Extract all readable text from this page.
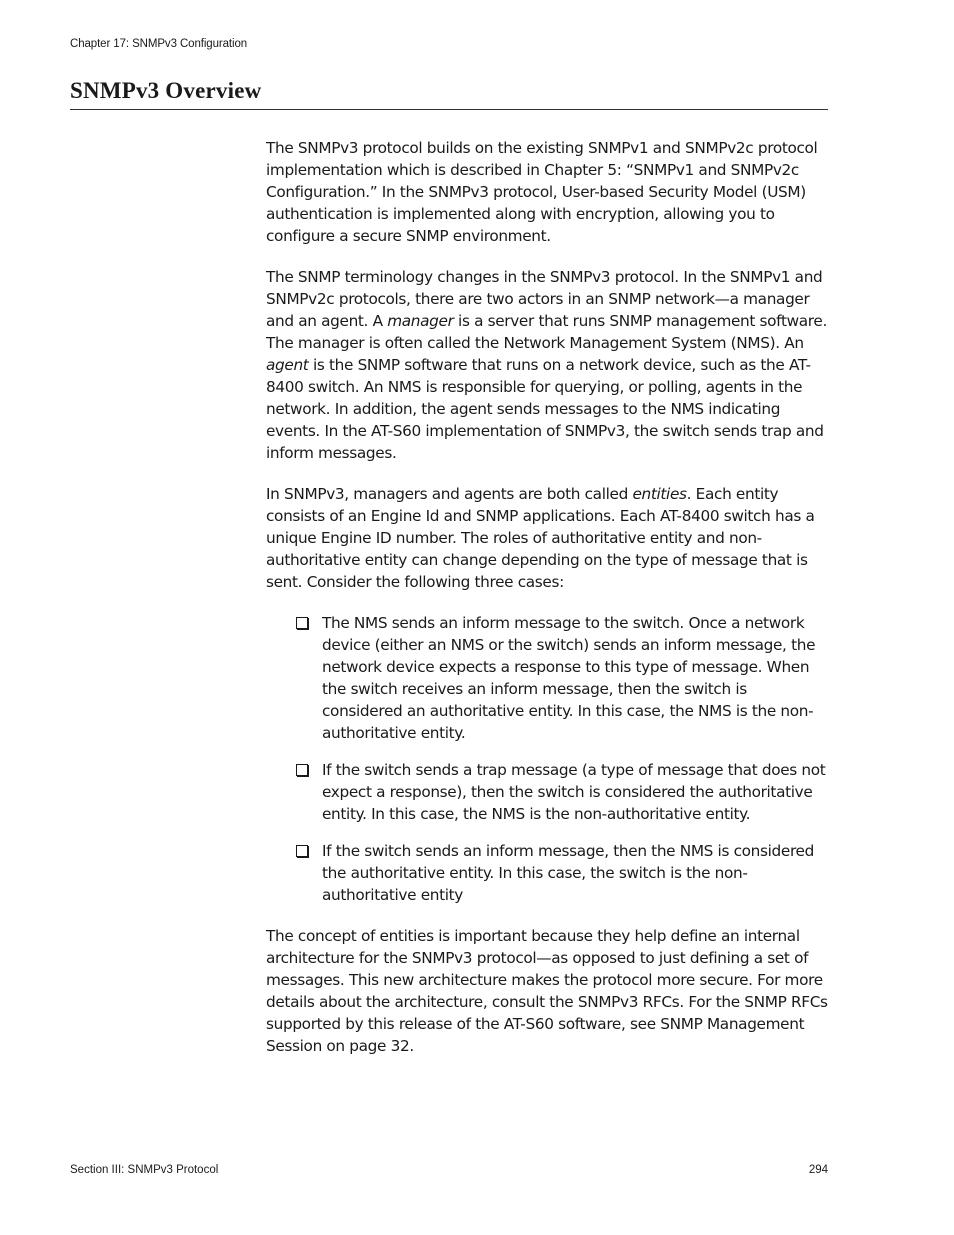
Chapter 17: SNMPv3 Configuration
SNMPv3 Overview

The SNMPv3 protocol builds on the existing SNMPv1 and SNMPv2c protocol implementation which is described in Chapter 5: “SNMPv1 and SNMPv2c Configuration.” In the SNMPv3 protocol, User-based Security Model (USM) authentication is implemented along with encryption, allowing you to configure a secure SNMP environment.

The SNMP terminology changes in the SNMPv3 protocol. In the SNMPv1 and SNMPv2c protocols, there are two actors in an SNMP network—a manager and an agent. A manager is a server that runs SNMP management software. The manager is often called the Network Management System (NMS). An agent is the SNMP software that runs on a network device, such as the AT-8400 switch. An NMS is responsible for querying, or polling, agents in the network. In addition, the agent sends messages to the NMS indicating events. In the AT-S60 implementation of SNMPv3, the switch sends trap and inform messages.

In SNMPv3, managers and agents are both called entities. Each entity consists of an Engine Id and SNMP applications. Each AT-8400 switch has a unique Engine ID number. The roles of authoritative entity and non-authoritative entity can change depending on the type of message that is sent. Consider the following three cases:

The NMS sends an inform message to the switch. Once a network device (either an NMS or the switch) sends an inform message, the network device expects a response to this type of message. When the switch receives an inform message, then the switch is considered an authoritative entity. In this case, the NMS is the non-authoritative entity.
If the switch sends a trap message (a type of message that does not expect a response), then the switch is considered the authoritative entity. In this case, the NMS is the non-authoritative entity.
If the switch sends an inform message, then the NMS is considered the authoritative entity. In this case, the switch is the non-authoritative entity

The concept of entities is important because they help define an internal architecture for the SNMPv3 protocol—as opposed to just defining a set of messages. This new architecture makes the protocol more secure. For more details about the architecture, consult the SNMPv3 RFCs. For the SNMP RFCs supported by this release of the AT-S60 software, see SNMP Management Session on page 32.

Section III: SNMPv3 Protocol	294
